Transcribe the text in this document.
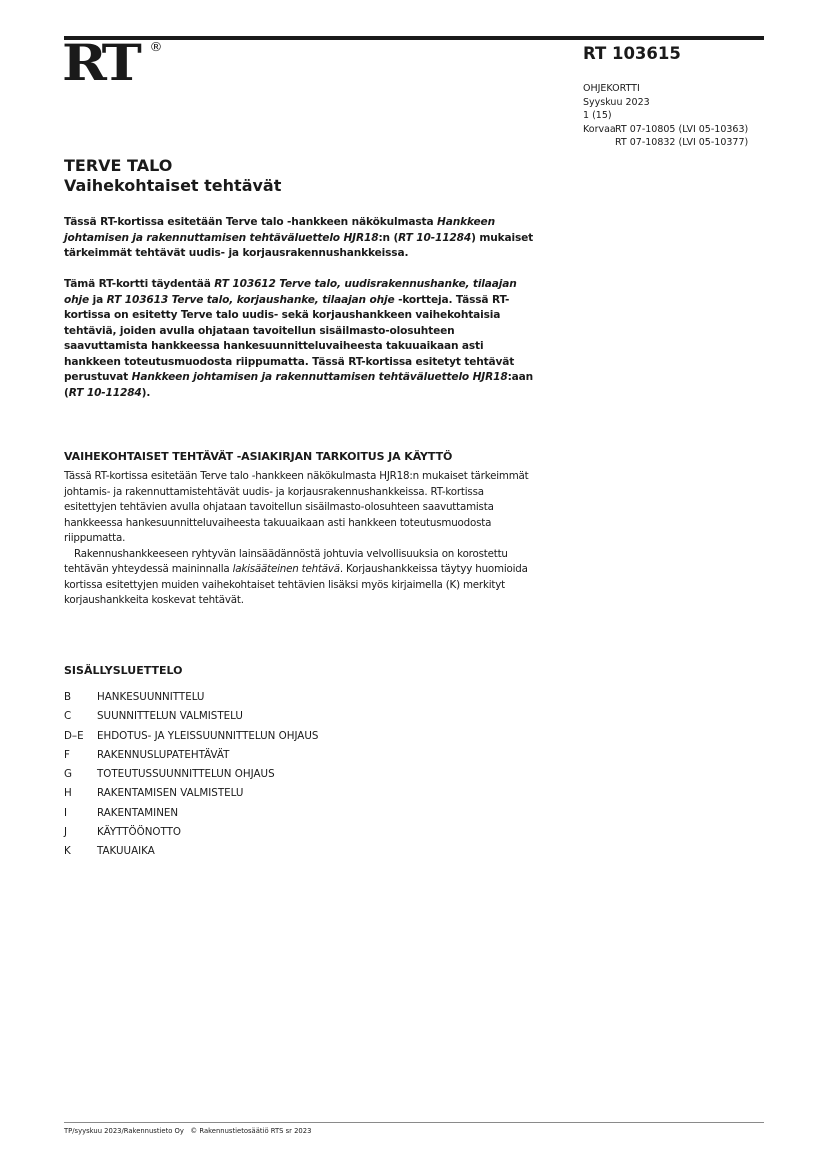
RT ®	RT 103615
OHJEKORTTI
Syyskuu 2023
1 (15)
KorvaaRT 07-10805 (LVI 05-10363)
RT 07-10832 (LVI 05-10377)
TERVE TALO
Vaihekohtaiset tehtävät

Tässä RT-kortissa esitetään Terve talo -hankkeen näkökulmasta Hankkeen johtamisen ja rakennuttamisen tehtäväluettelo HJR18:n (RT 10-11284) mukaiset tärkeimmät tehtävät uudis- ja korjausrakennushankkeissa.

Tämä RT-kortti täydentää RT 103612 Terve talo, uudisrakennushanke, tilaajan ohje ja RT 103613 Terve talo, korjaushanke, tilaajan ohje -kortteja. Tässä RT-kortissa on esitetty Terve talo uudis- sekä korjaushankkeen vaihekohtaisia tehtäviä, joiden avulla ohjataan tavoitellun sisäilmasto-olosuhteen saavuttamista hankkeessa hankesuunnitteluvaiheesta takuuaikaan asti hankkeen toteutusmuodosta riippumatta. Tässä RT-kortissa esitetyt tehtävät perustuvat Hankkeen johtamisen ja rakennuttamisen tehtäväluettelo HJR18:aan (RT 10-11284).

VAIHEKOHTAISET TEHTÄVÄT -ASIAKIRJAN TARKOITUS JA KÄYTTÖ

Tässä RT-kortissa esitetään Terve talo -hankkeen näkökulmasta HJR18:n mukaiset tärkeimmät johtamis- ja rakennuttamistehtävät uudis- ja korjausrakennushankkeissa. RT-kortissa esitettyjen tehtävien avulla ohjataan tavoitellun sisäilmasto-olosuhteen saavuttamista hankkeessa hankesuunnitteluvaiheesta takuuaikaan asti hankkeen toteutusmuodosta riippumatta.

Rakennushankkeeseen ryhtyvän lainsäädännöstä johtuvia velvollisuuksia on korostettu tehtävän yhteydessä maininnalla lakisääteinen tehtävä. Korjaushankkeissa täytyy huomioida kortissa esitettyjen muiden vaihekohtaiset tehtävien lisäksi myös kirjaimella (K) merkityt korjaushankkeita koskevat tehtävät.

SISÄLLYSLUETTELO
B	HANKESUUNNITTELU
C	SUUNNITTELUN VALMISTELU
D–E	EHDOTUS- JA YLEISSUUNNITTELUN OHJAUS
F	RAKENNUSLUPATEHTÄVÄT
G	TOTEUTUSSUUNNITTELUN OHJAUS
H	RAKENTAMISEN VALMISTELU
I	RAKENTAMINEN
J	KÄYTTÖÖNOTTO
K	TAKUUAIKA
TP/syyskuu 2023/Rakennustieto Oy © Rakennustietosäätiö RTS sr 2023
